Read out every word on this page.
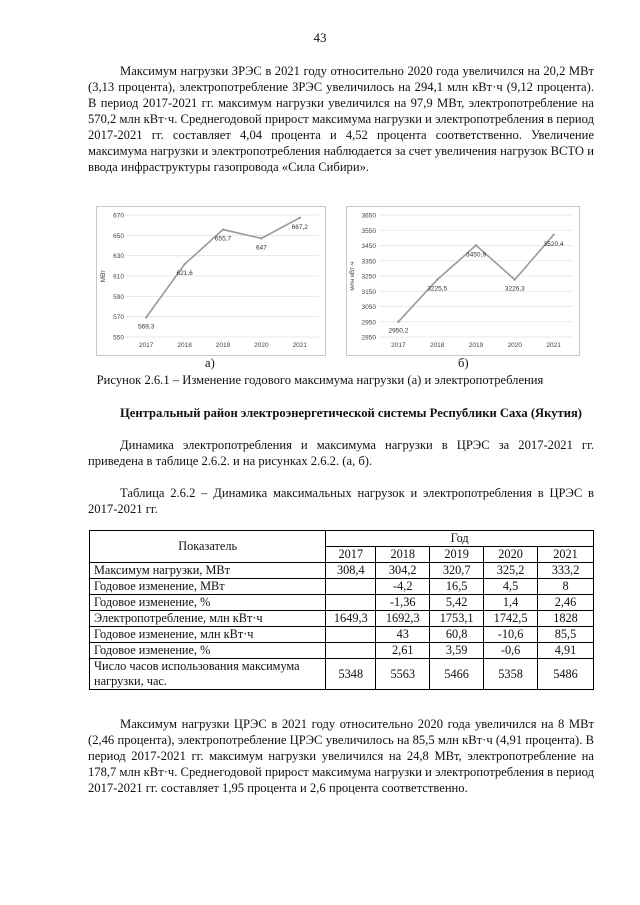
43

Максимум нагрузки ЗРЭС в 2021 году относительно 2020 года увеличился на 20,2 МВт (3,13 процента), электропотребление ЗРЭС увеличилось на 294,1 млн кВт·ч (9,12 процента). В период 2017-2021 гг. максимум нагрузки увеличился на 97,9 МВт, электропотребление на 570,2 млн кВт·ч. Среднегодовой прирост максимума нагрузки и электропотребления в период 2017-2021 гг. составляет 4,04 процента и 4,52 процента соответственно. Увеличение максимума нагрузки и электропотребления наблюдается за счет увеличения нагрузок ВСТО и ввода инфраструктуры газопровода «Сила Сибири».

550
570
590
610
630
650
670
МВт
2017	2018	2019	2020	2021
569,3
621,6
655,7
647
667,2
2850
2950
3050
3150
3250
3350
3450
3550
3650
млн кВт·ч
2017	2018	2019	2020	2021
2950,2
3225,5
3450,9
3226,3
3520,4
а)	б)
Рисунок 2.6.1 – Изменение годового максимума нагрузки (а) и электропотребления

Центральный район электроэнергетической системы Республики Саха (Якутия)

Динамика электропотребления и максимума нагрузки в ЦРЭС за 2017-2021 гг. приведена в таблице 2.6.2. и на рисунках 2.6.2. (а, б).

Таблица 2.6.2 – Динамика максимальных нагрузок и электропотребления в ЦРЭС в 2017-2021 гг.

Показатель	Год				
	2017	2018	2019	2020	2021
Максимум нагрузки, МВт	308,4	304,2	320,7	325,2	333,2
Годовое изменение, МВт		-4,2	16,5	4,5	8
Годовое изменение, %		-1,36	5,42	1,4	2,46
Электропотребление, млн кВт·ч	1649,3	1692,3	1753,1	1742,5	1828
Годовое изменение, млн кВт·ч		43	60,8	-10,6	85,5
Годовое изменение, %		2,61	3,59	-0,6	4,91
Число часов использования максимума нагрузки, час.	5348	5563	5466	5358	5486

Максимум нагрузки ЦРЭС в 2021 году относительно 2020 года увеличился на 8 МВт (2,46 процента), электропотребление ЦРЭС увеличилось на 85,5 млн кВт·ч (4,91 процента). В период 2017-2021 гг. максимум нагрузки увеличился на 24,8 МВт, электропотребление на 178,7 млн кВт·ч. Среднегодовой прирост максимума нагрузки и электропотребления в период 2017-2021 гг. составляет 1,95 процента и 2,6 процента соответственно.
